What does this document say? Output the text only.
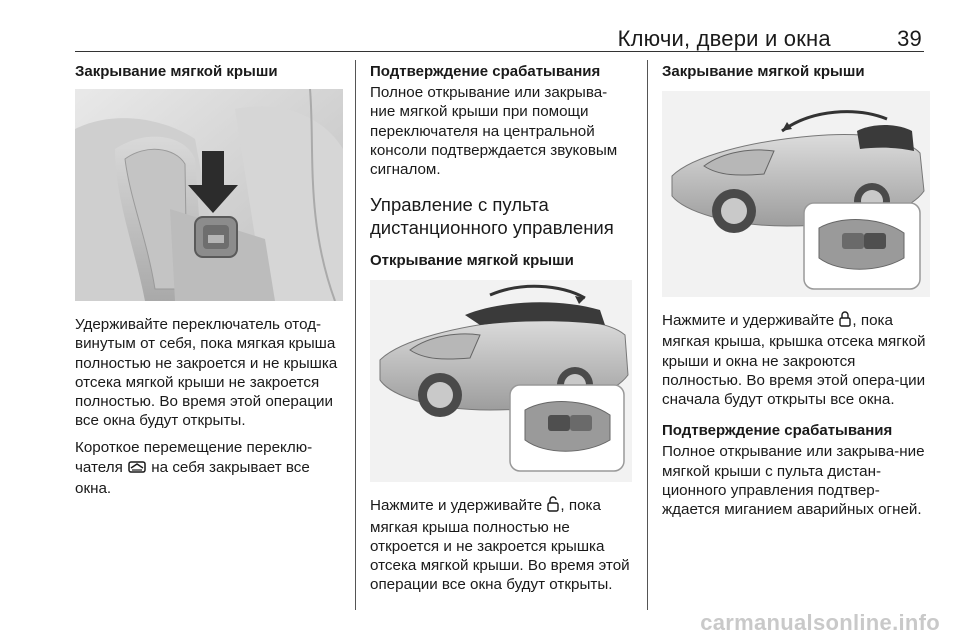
Ключи, двери и окна	39
Закрывание мягкой крыши

Удерживайте переключатель отод-винутым от себя, пока мягкая крыша полностью не закроется и не крышка отсека мягкой крыши не закроется полностью. Во время этой операции все окна будут открыты.

Короткое перемещение переклю-чателя  на себя закрывает все окна.

Подтверждение срабатывания

Полное открывание или закрыва-ние мягкой крыши при помощи переключателя на центральной консоли подтверждается звуковым сигналом.

Управление с пульта дистанционного управления
Открывание мягкой крыши

Нажмите и удерживайте , пока мягкая крыша полностью не откроется и не закроется крышка отсека мягкой крыши. Во время этой операции все окна будут открыты.

Закрывание мягкой крыши

Нажмите и удерживайте , пока мягкая крыша, крышка отсека мягкой крыши и окна не закроются полностью. Во время этой опера-ции сначала будут открыты все окна.

Подтверждение срабатывания

Полное открывание или закрыва-ние мягкой крыши с пульта дистан-ционного управления подтвер-ждается миганием аварийных огней.

carmanualsonline.info
